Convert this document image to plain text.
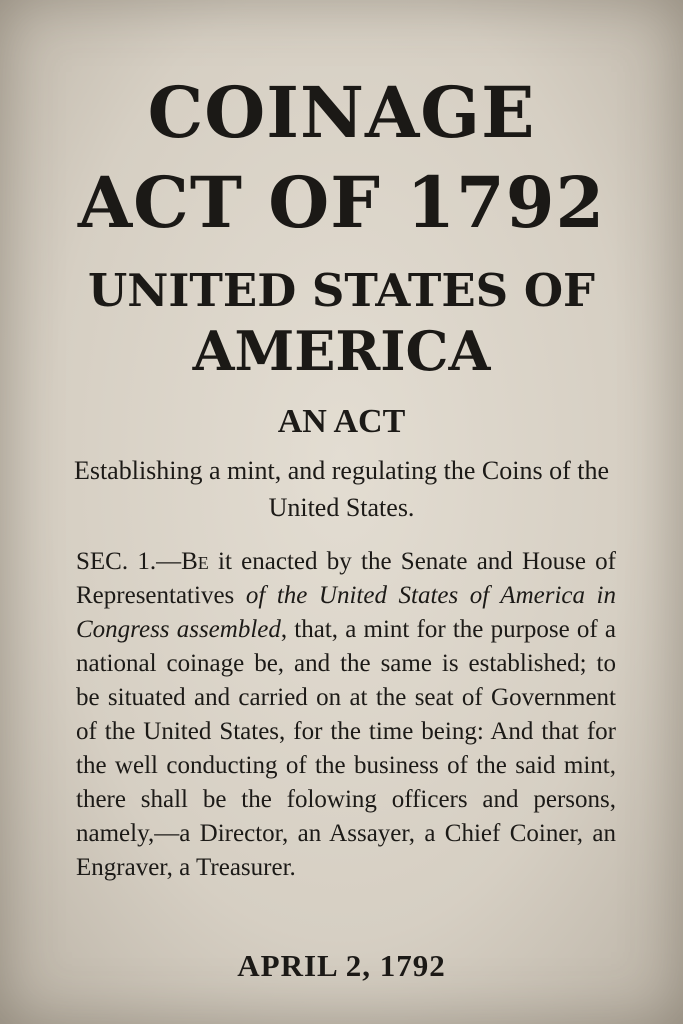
COINAGE
ACT OF 1792
UNITED STATES OF
AMERICA
AN ACT
Establishing a mint, and regulating the Coins of the United States.
SEC. 1.—Be it enacted by the Senate and House of Representatives of the United States of America in Congress assembled, that, a mint for the purpose of a national coinage be, and the same is established; to be situated and carried on at the seat of Government of the United States, for the time being: And that for the well conducting of the business of the said mint, there shall be the folowing officers and persons, namely,—a Director, an Assayer, a Chief Coiner, an Engraver, a Treasurer.
APRIL 2, 1792
